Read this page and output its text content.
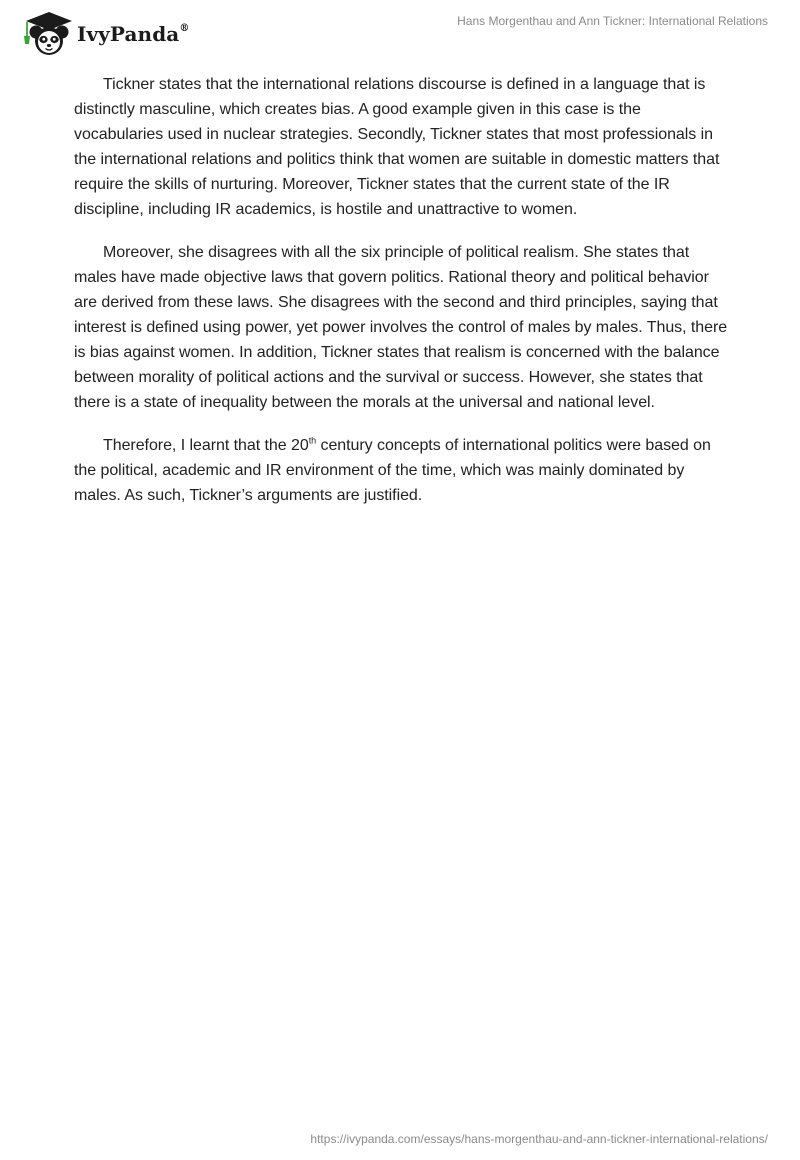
IvyPanda®
Hans Morgenthau and Ann Tickner: International Relations

Tickner states that the international relations discourse is defined in a language that is distinctly masculine, which creates bias. A good example given in this case is the vocabularies used in nuclear strategies. Secondly, Tickner states that most professionals in the international relations and politics think that women are suitable in domestic matters that require the skills of nurturing. Moreover, Tickner states that the current state of the IR discipline, including IR academics, is hostile and unattractive to women.

Moreover, she disagrees with all the six principle of political realism. She states that males have made objective laws that govern politics. Rational theory and political behavior are derived from these laws. She disagrees with the second and third principles, saying that interest is defined using power, yet power involves the control of males by males. Thus, there is bias against women. In addition, Tickner states that realism is concerned with the balance between morality of political actions and the survival or success. However, she states that there is a state of inequality between the morals at the universal and national level.

Therefore, I learnt that the 20th century concepts of international politics were based on the political, academic and IR environment of the time, which was mainly dominated by males. As such, Tickner’s arguments are justified.

https://ivypanda.com/essays/hans-morgenthau-and-ann-tickner-international-relations/
